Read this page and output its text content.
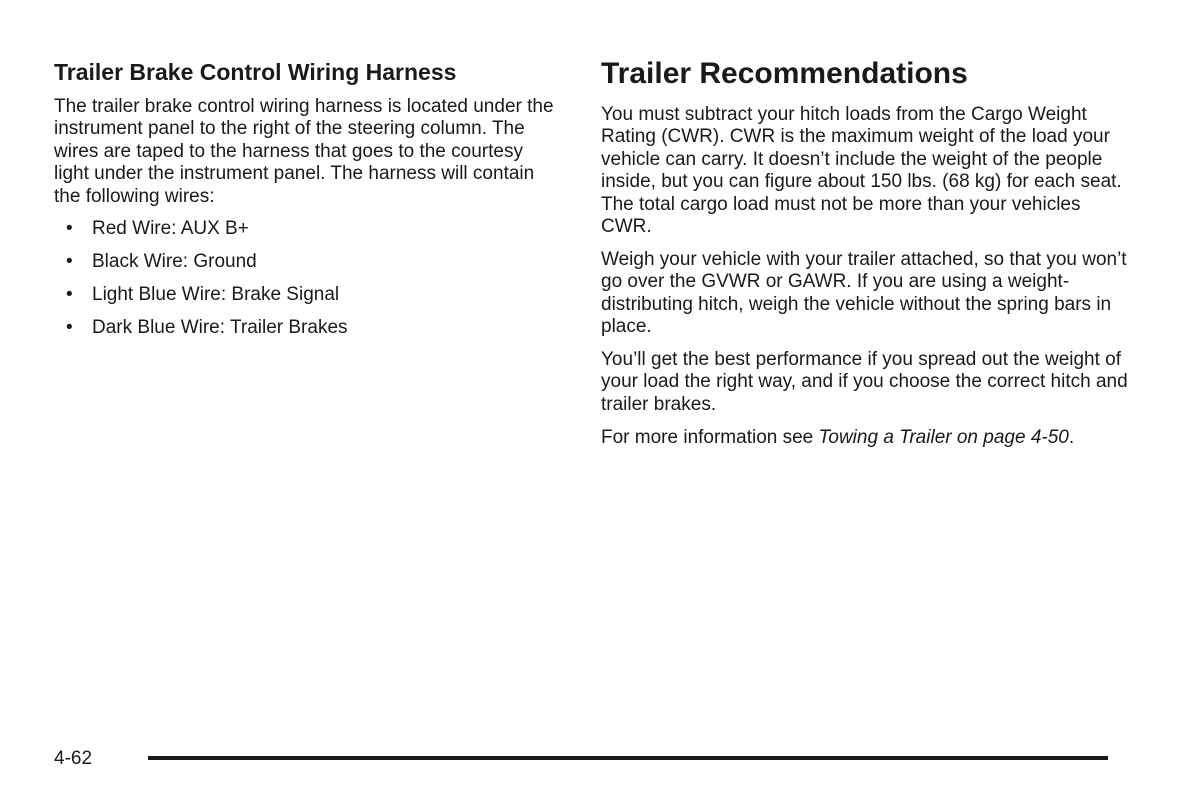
Trailer Brake Control Wiring Harness

The trailer brake control wiring harness is located under the instrument panel to the right of the steering column. The wires are taped to the harness that goes to the courtesy light under the instrument panel. The harness will contain the following wires:

• Red Wire: AUX B+
• Black Wire: Ground
• Light Blue Wire: Brake Signal
• Dark Blue Wire: Trailer Brakes
Trailer Recommendations

You must subtract your hitch loads from the Cargo Weight Rating (CWR). CWR is the maximum weight of the load your vehicle can carry. It doesn’t include the weight of the people inside, but you can figure about 150 lbs. (68 kg) for each seat. The total cargo load must not be more than your vehicles CWR.

Weigh your vehicle with your trailer attached, so that you won’t go over the GVWR or GAWR. If you are using a weight-distributing hitch, weigh the vehicle without the spring bars in place.

You’ll get the best performance if you spread out the weight of your load the right way, and if you choose the correct hitch and trailer brakes.

For more information see Towing a Trailer on page 4-50.

4-62
